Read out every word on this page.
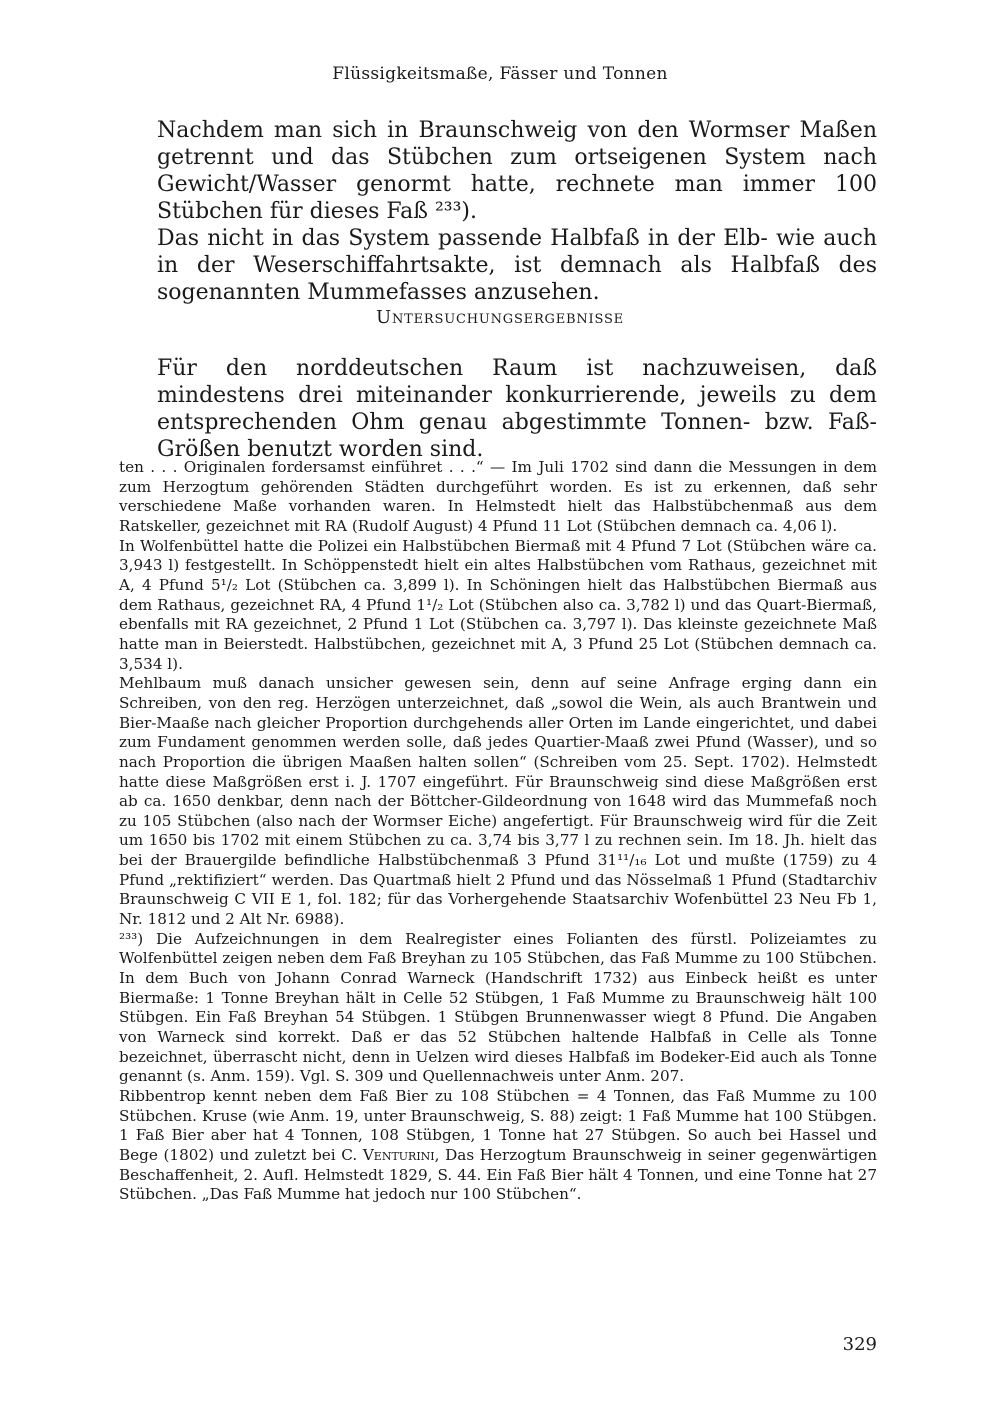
Flüssigkeitsmaße, Fässer und Tonnen

Nachdem man sich in Braunschweig von den Wormser Maßen getrennt und das Stübchen zum ortseigenen System nach Gewicht/Wasser genormt hatte, rechnete man immer 100 Stübchen für dieses Faß ²³³).

Das nicht in das System passende Halbfaß in der Elb- wie auch in der Weserschiffahrtsakte, ist demnach als Halbfaß des sogenannten Mummefasses anzusehen.

Untersuchungsergebnisse

Für den norddeutschen Raum ist nachzuweisen, daß mindestens drei miteinander konkurrierende, jeweils zu dem entsprechenden Ohm genau abgestimmte Tonnen- bzw. Faß-Größen benutzt worden sind.

ten . . . Originalen fordersamst einführet . . .“ — Im Juli 1702 sind dann die Messungen in dem zum Herzogtum gehörenden Städten durchgeführt worden. Es ist zu erkennen, daß sehr verschiedene Maße vorhanden waren. In Helmstedt hielt das Halbstübchenmaß aus dem Ratskeller, gezeichnet mit RA (Rudolf August) 4 Pfund 11 Lot (Stübchen demnach ca. 4,06 l).

In Wolfenbüttel hatte die Polizei ein Halbstübchen Biermaß mit 4 Pfund 7 Lot (Stübchen wäre ca. 3,943 l) festgestellt. In Schöppenstedt hielt ein altes Halbstübchen vom Rathaus, gezeichnet mit A, 4 Pfund 5¹/₂ Lot (Stübchen ca. 3,899 l). In Schöningen hielt das Halbstübchen Biermaß aus dem Rathaus, gezeichnet RA, 4 Pfund 1¹/₂ Lot (Stübchen also ca. 3,782 l) und das Quart-Biermaß, ebenfalls mit RA gezeichnet, 2 Pfund 1 Lot (Stübchen ca. 3,797 l). Das kleinste gezeichnete Maß hatte man in Beierstedt. Halbstübchen, gezeichnet mit A, 3 Pfund 25 Lot (Stübchen demnach ca. 3,534 l).

Mehlbaum muß danach unsicher gewesen sein, denn auf seine Anfrage erging dann ein Schreiben, von den reg. Herzögen unterzeichnet, daß „sowol die Wein, als auch Brantwein und Bier-Maaße nach gleicher Proportion durchgehends aller Orten im Lande eingerichtet, und dabei zum Fundament genommen werden solle, daß jedes Quartier-Maaß zwei Pfund (Wasser), und so nach Proportion die übrigen Maaßen halten sollen“ (Schreiben vom 25. Sept. 1702). Helmstedt hatte diese Maßgrößen erst i. J. 1707 eingeführt. Für Braunschweig sind diese Maßgrößen erst ab ca. 1650 denkbar, denn nach der Böttcher-Gildeordnung von 1648 wird das Mummefaß noch zu 105 Stübchen (also nach der Wormser Eiche) angefertigt. Für Braunschweig wird für die Zeit um 1650 bis 1702 mit einem Stübchen zu ca. 3,74 bis 3,77 l zu rechnen sein. Im 18. Jh. hielt das bei der Brauergilde befindliche Halbstübchenmaß 3 Pfund 31¹¹/₁₆ Lot und mußte (1759) zu 4 Pfund „rektifiziert“ werden. Das Quartmaß hielt 2 Pfund und das Nösselmaß 1 Pfund (Stadtarchiv Braunschweig C VII E 1, fol. 182; für das Vorhergehende Staatsarchiv Wofenbüttel 23 Neu Fb 1, Nr. 1812 und 2 Alt Nr. 6988).

²³³) Die Aufzeichnungen in dem Realregister eines Folianten des fürstl. Polizeiamtes zu Wolfenbüttel zeigen neben dem Faß Breyhan zu 105 Stübchen, das Faß Mumme zu 100 Stübchen. In dem Buch von Johann Conrad Warneck (Handschrift 1732) aus Einbeck heißt es unter Biermaße: 1 Tonne Breyhan hält in Celle 52 Stübgen, 1 Faß Mumme zu Braunschweig hält 100 Stübgen. Ein Faß Breyhan 54 Stübgen. 1 Stübgen Brunnenwasser wiegt 8 Pfund. Die Angaben von Warneck sind korrekt. Daß er das 52 Stübchen haltende Halbfaß in Celle als Tonne bezeichnet, überrascht nicht, denn in Uelzen wird dieses Halbfaß im Bodeker-Eid auch als Tonne genannt (s. Anm. 159). Vgl. S. 309 und Quellennachweis unter Anm. 207.

Ribbentrop kennt neben dem Faß Bier zu 108 Stübchen = 4 Tonnen, das Faß Mumme zu 100 Stübchen. Kruse (wie Anm. 19, unter Braunschweig, S. 88) zeigt: 1 Faß Mumme hat 100 Stübgen. 1 Faß Bier aber hat 4 Tonnen, 108 Stübgen, 1 Tonne hat 27 Stübgen. So auch bei Hassel und Bege (1802) und zuletzt bei C. Venturini, Das Herzogtum Braunschweig in seiner gegenwärtigen Beschaffenheit, 2. Aufl. Helmstedt 1829, S. 44. Ein Faß Bier hält 4 Tonnen, und eine Tonne hat 27 Stübchen. „Das Faß Mumme hat jedoch nur 100 Stübchen“.

329
